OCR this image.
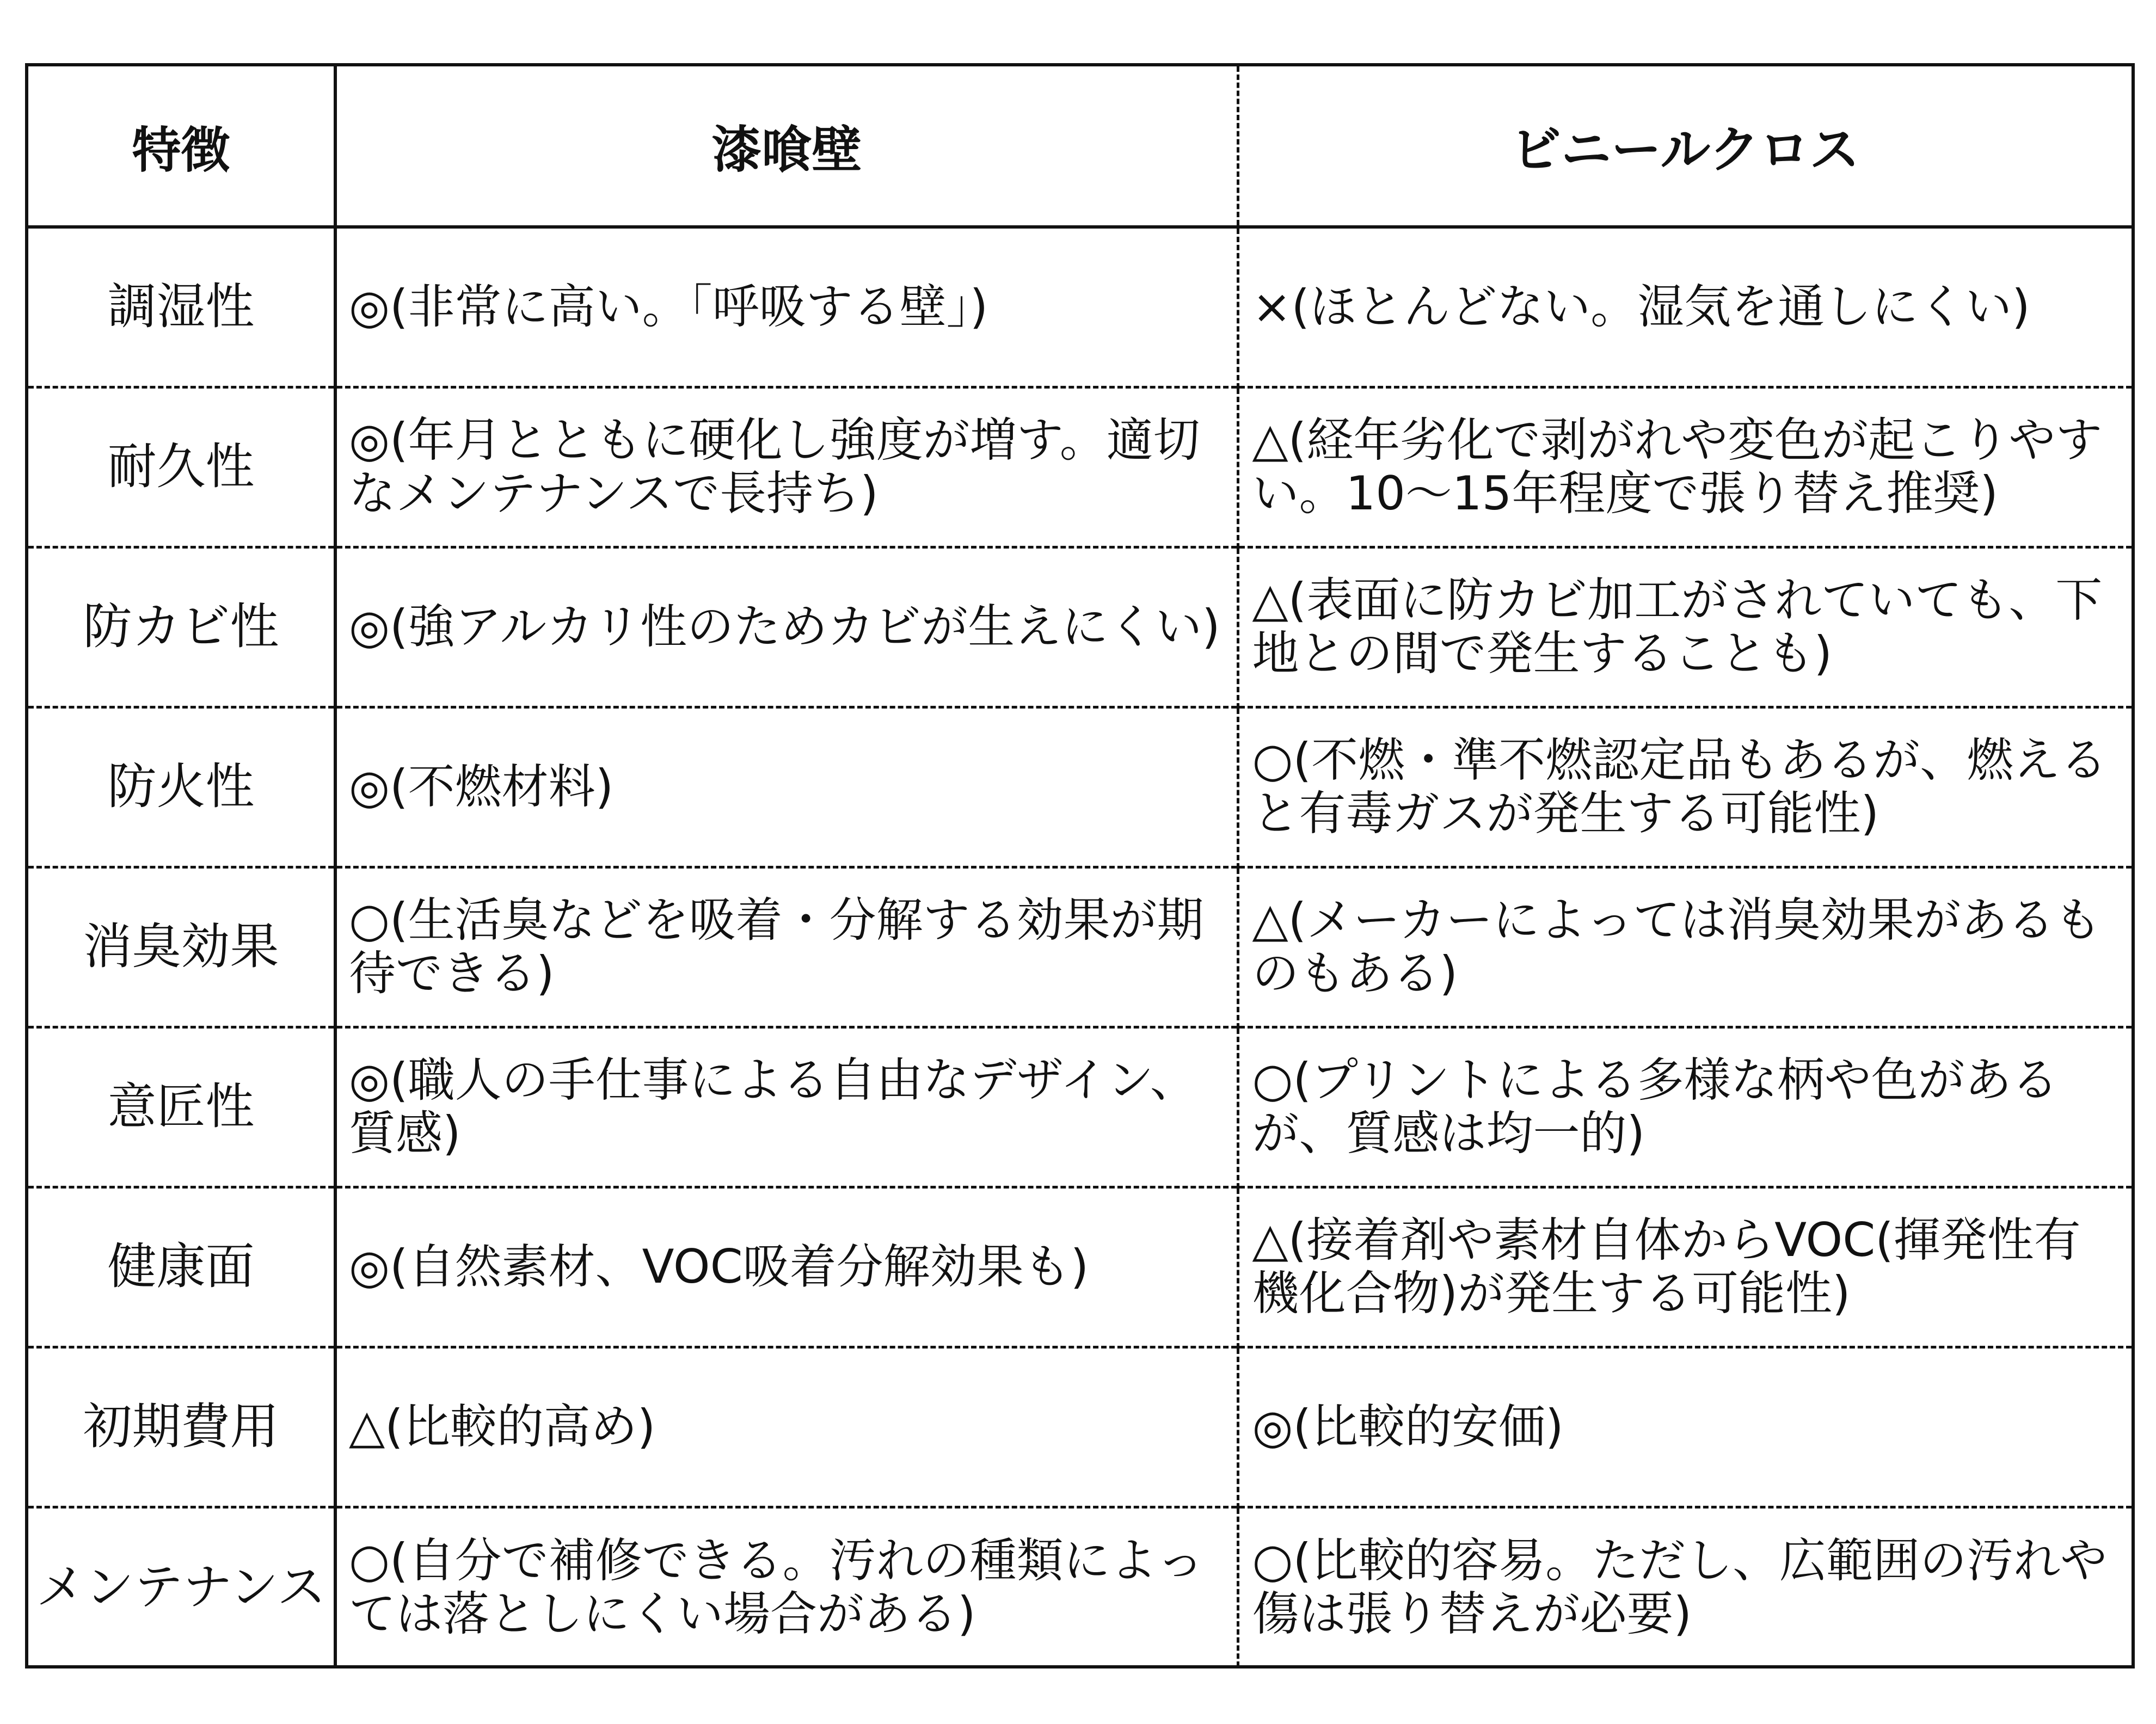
特徴	漆喰壁	ビニールクロス
調湿性	◎(非常に高い。「呼吸する壁」)	×(ほとんどない。湿気を通しにくい)
耐久性	◎(年月とともに硬化し強度が増す。適切なメンテナンスで長持ち)	△(経年劣化で剥がれや変色が起こりやすい。10〜15年程度で張り替え推奨)
防カビ性	◎(強アルカリ性のためカビが生えにくい)	△(表面に防カビ加工がされていても、下地との間で発生することも)
防火性	◎(不燃材料)	○(不燃・準不燃認定品もあるが、燃えると有毒ガスが発生する可能性)
消臭効果	○(生活臭などを吸着・分解する効果が期待できる)	△(メーカーによっては消臭効果があるものもある)
意匠性	◎(職人の手仕事による自由なデザイン、質感)	○(プリントによる多様な柄や色があるが、質感は均一的)
健康面	◎(自然素材、VOC吸着分解効果も)	△(接着剤や素材自体からVOC(揮発性有機化合物)が発生する可能性)
初期費用	△(比較的高め)	◎(比較的安価)
メンテナンス	○(自分で補修できる。汚れの種類によっては落としにくい場合がある)	○(比較的容易。ただし、広範囲の汚れや傷は張り替えが必要)
